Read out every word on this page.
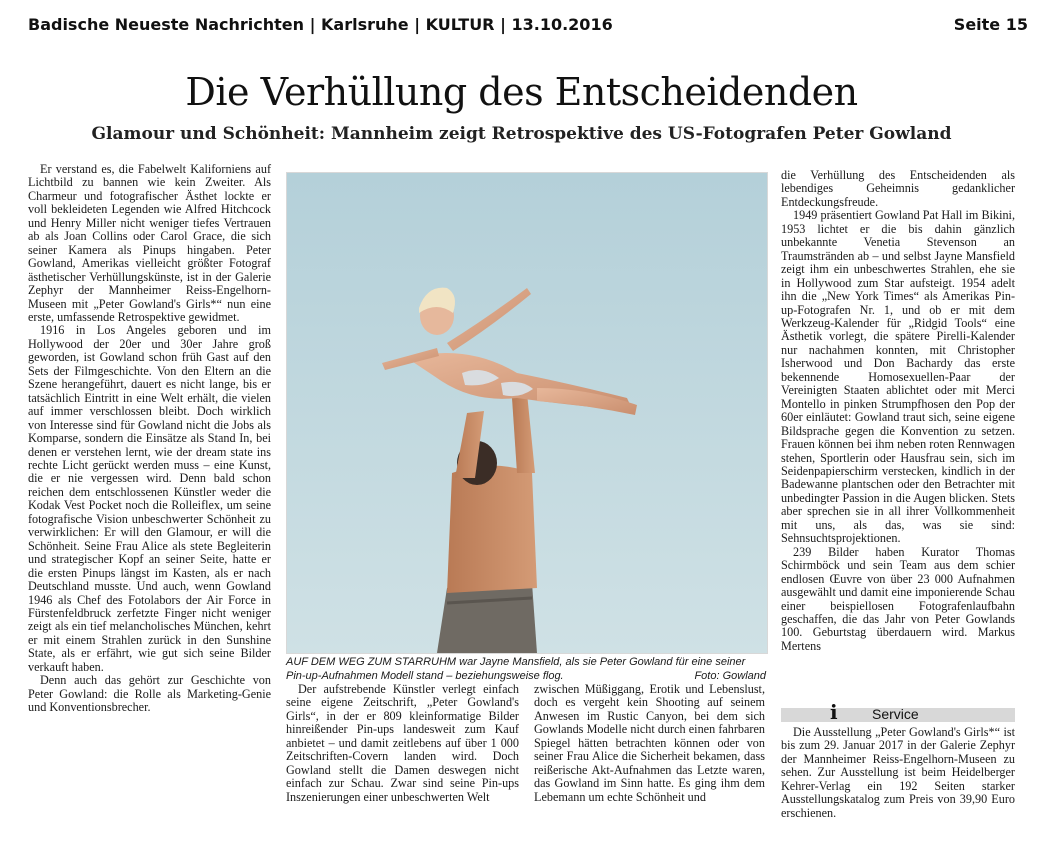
Badische Neueste Nachrichten | Karlsruhe | KULTUR | 13.10.2016	Seite 15
Die Verhüllung des Entscheidenden
Glamour und Schönheit: Mannheim zeigt Retrospektive des US-Fotografen Peter Gowland

Er verstand es, die Fabelwelt Kaliforniens auf Lichtbild zu bannen wie kein Zweiter. Als Charmeur und fotografischer Ästhet lockte er voll bekleideten Legenden wie Alfred Hitchcock und Henry Miller nicht weniger tiefes Vertrauen ab als Joan Collins oder Carol Grace, die sich seiner Kamera als Pinups hingaben. Peter Gowland, Amerikas vielleicht größter Fotograf ästhetischer Verhüllungskünste, ist in der Galerie Zephyr der Mannheimer Reiss-Engelhorn-Museen mit „Peter Gowland's Girls*“ nun eine erste, umfassende Retrospektive gewidmet.

1916 in Los Angeles geboren und im Hollywood der 20er und 30er Jahre groß geworden, ist Gowland schon früh Gast auf den Sets der Filmgeschichte. Von den Eltern an die Szene herangeführt, dauert es nicht lange, bis er tatsächlich Eintritt in eine Welt erhält, die vielen auf immer verschlossen bleibt. Doch wirklich von Interesse sind für Gowland nicht die Jobs als Komparse, sondern die Einsätze als Stand In, bei denen er verstehen lernt, wie der dream state ins rechte Licht gerückt werden muss – eine Kunst, die er nie vergessen wird. Denn bald schon reichen dem entschlossenen Künstler weder die Kodak Vest Pocket noch die Rolleiflex, um seine fotografische Vision unbeschwerter Schönheit zu verwirklichen: Er will den Glamour, er will die Schönheit. Seine Frau Alice als stete Begleiterin und strategischer Kopf an seiner Seite, hatte er die ersten Pinups längst im Kasten, als er nach Deutschland musste. Und auch, wenn Gowland 1946 als Chef des Fotolabors der Air Force in Fürstenfeldbruck zerfetzte Finger nicht weniger zeigt als ein tief melancholisches München, kehrt er mit einem Strahlen zurück in den Sunshine State, als er erfährt, wie gut sich seine Bilder verkauft haben.

Denn auch das gehört zur Geschichte von Peter Gowland: die Rolle als Marketing-Genie und Konventionsbrecher.

AUF DEM WEG ZUM STARRUHM war Jayne Mansfield, als sie Peter Gowland für eine seiner Pin-up-Aufnahmen Modell stand – beziehungsweise flog.	Foto: Gowland

Der aufstrebende Künstler verlegt einfach seine eigene Zeitschrift, „Peter Gowland's Girls“, in der er 809 kleinformatige Bilder hinreißender Pin-ups landesweit zum Kauf anbietet – und damit zeitlebens auf über 1 000 Zeitschriften-Covern landen wird. Doch Gowland stellt die Damen deswegen nicht einfach zur Schau. Zwar sind seine Pin-ups Inszenierungen einer unbeschwerten Welt

zwischen Müßiggang, Erotik und Lebenslust, doch es vergeht kein Shooting auf seinem Anwesen im Rustic Canyon, bei dem sich Gowlands Modelle nicht durch einen fahrbaren Spiegel hätten betrachten können oder von seiner Frau Alice die Sicherheit bekamen, dass reißerische Akt-Aufnahmen das Letzte waren, das Gowland im Sinn hatte. Es ging ihm dem Lebemann um echte Schönheit und

die Verhüllung des Entscheidenden als lebendiges Geheimnis gedanklicher Entdeckungsfreude.

1949 präsentiert Gowland Pat Hall im Bikini, 1953 lichtet er die bis dahin gänzlich unbekannte Venetia Stevenson an Traumstränden ab – und selbst Jayne Mansfield zeigt ihm ein unbeschwertes Strahlen, ehe sie in Hollywood zum Star aufsteigt. 1954 adelt ihn die „New York Times“ als Amerikas Pin-up-Fotografen Nr. 1, und ob er mit dem Werkzeug-Kalender für „Ridgid Tools“ eine Ästhetik vorlegt, die spätere Pirelli-Kalender nur nachahmen konnten, mit Christopher Isherwood und Don Bachardy das erste bekennende Homosexuellen-Paar der Vereinigten Staaten ablichtet oder mit Merci Montello in pinken Strumpfhosen den Pop der 60er einläutet: Gowland traut sich, seine eigene Bildsprache gegen die Konvention zu setzen. Frauen können bei ihm neben roten Rennwagen stehen, Sportlerin oder Hausfrau sein, sich im Seidenpapierschirm verstecken, kindlich in der Badewanne plantschen oder den Betrachter mit unbedingter Passion in die Augen blicken. Stets aber sprechen sie in all ihrer Vollkommenheit mit uns, als das, was sie sind: Sehnsuchtsprojektionen.

239 Bilder haben Kurator Thomas Schirmböck und sein Team aus dem schier endlosen Œuvre von über 23 000 Aufnahmen ausgewählt und damit eine imponierende Schau einer beispiellosen Fotografenlaufbahn geschaffen, die das Jahr von Peter Gowlands 100. Geburtstag überdauern wird. Markus Mertens

i Service

Die Ausstellung „Peter Gowland's Girls*“ ist bis zum 29. Januar 2017 in der Galerie Zephyr der Mannheimer Reiss-Engelhorn-Museen zu sehen. Zur Ausstellung ist beim Heidelberger Kehrer-Verlag ein 192 Seiten starker Ausstellungskatalog zum Preis von 39,90 Euro erschienen.
